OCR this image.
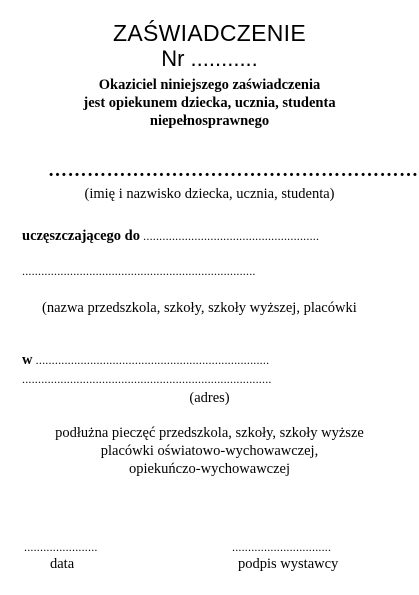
ZAŚWIADCZENIE
Nr ...........
Okaziciel niniejszego zaświadczenia
jest opiekunem dziecka, ucznia, studenta
niepełnosprawnego
…………………………………………………
(imię i nazwisko dziecka, ucznia, studenta)
uczęszczającego do .......................................................
.........................................................................
(nazwa przedszkola, szkoły, szkoły wyższej, placówki
w .........................................................................
..............................................................................
(adres)
podłużna pieczęć przedszkola, szkoły, szkoły wyższe
placówki oświatowo-wychowawczej,
opiekuńczo-wychowawczej
.......................
data
...............................
podpis wystawcy
